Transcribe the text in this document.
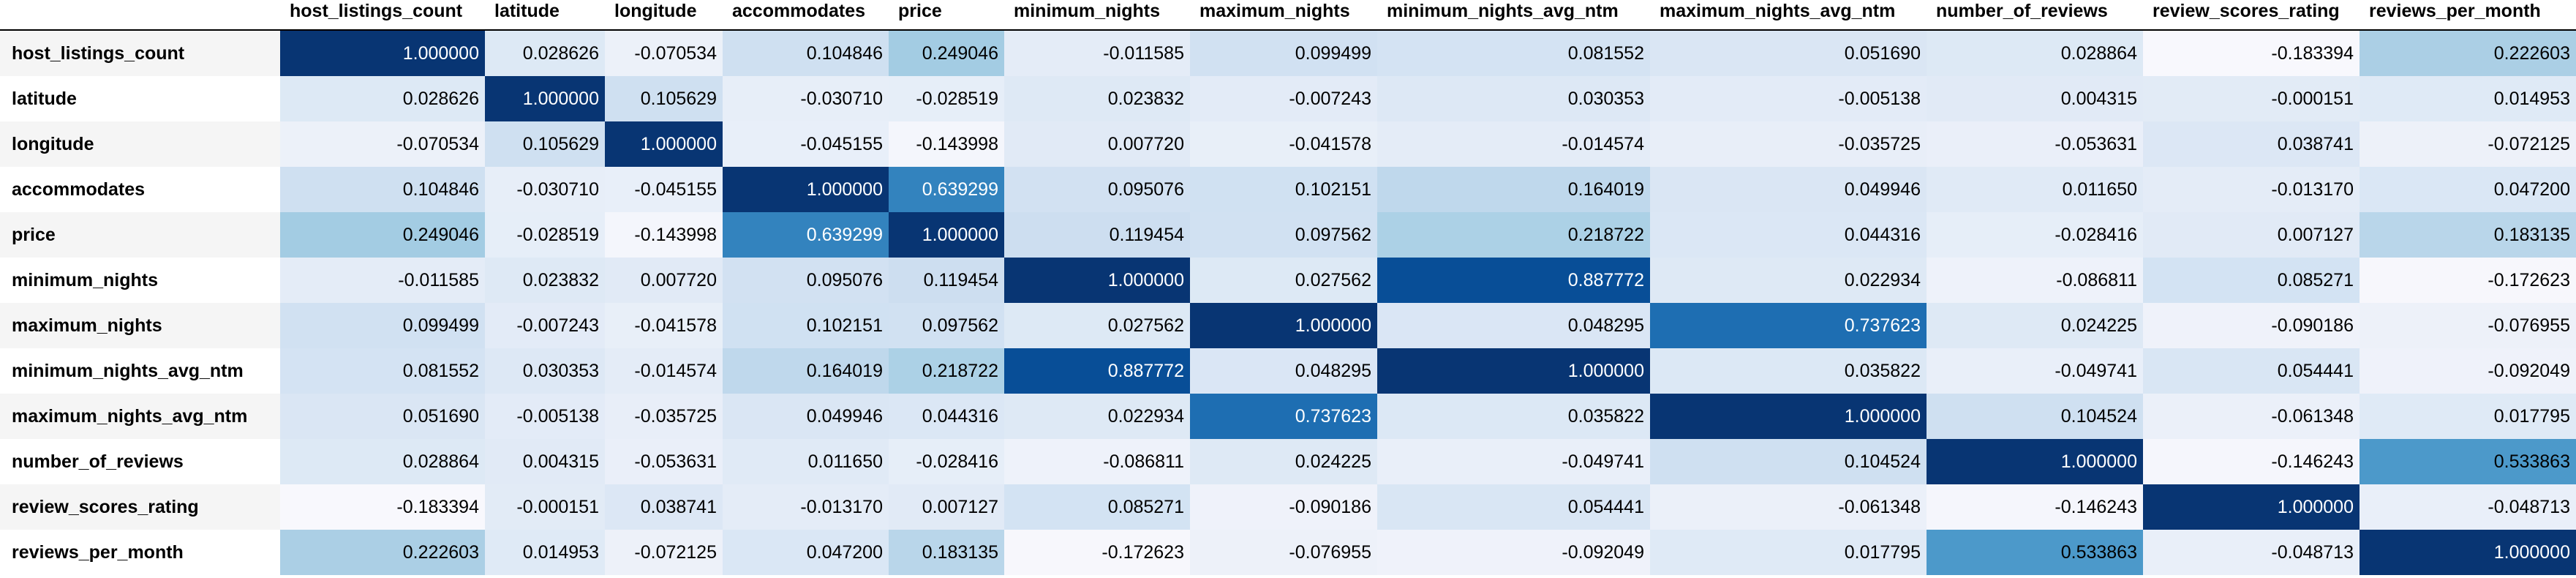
host_listings_count	latitude	longitude	accommodates	price	minimum_nights	maximum_nights	minimum_nights_avg_ntm	maximum_nights_avg_ntm	number_of_reviews	review_scores_rating	reviews_per_month
host_listings_count	1.000000	0.028626	-0.070534	0.104846	0.249046	-0.011585	0.099499	0.081552	0.051690	0.028864	-0.183394	0.222603
latitude	0.028626	1.000000	0.105629	-0.030710	-0.028519	0.023832	-0.007243	0.030353	-0.005138	0.004315	-0.000151	0.014953
longitude	-0.070534	0.105629	1.000000	-0.045155	-0.143998	0.007720	-0.041578	-0.014574	-0.035725	-0.053631	0.038741	-0.072125
accommodates	0.104846	-0.030710	-0.045155	1.000000	0.639299	0.095076	0.102151	0.164019	0.049946	0.011650	-0.013170	0.047200
price	0.249046	-0.028519	-0.143998	0.639299	1.000000	0.119454	0.097562	0.218722	0.044316	-0.028416	0.007127	0.183135
minimum_nights	-0.011585	0.023832	0.007720	0.095076	0.119454	1.000000	0.027562	0.887772	0.022934	-0.086811	0.085271	-0.172623
maximum_nights	0.099499	-0.007243	-0.041578	0.102151	0.097562	0.027562	1.000000	0.048295	0.737623	0.024225	-0.090186	-0.076955
minimum_nights_avg_ntm	0.081552	0.030353	-0.014574	0.164019	0.218722	0.887772	0.048295	1.000000	0.035822	-0.049741	0.054441	-0.092049
maximum_nights_avg_ntm	0.051690	-0.005138	-0.035725	0.049946	0.044316	0.022934	0.737623	0.035822	1.000000	0.104524	-0.061348	0.017795
number_of_reviews	0.028864	0.004315	-0.053631	0.011650	-0.028416	-0.086811	0.024225	-0.049741	0.104524	1.000000	-0.146243	0.533863
review_scores_rating	-0.183394	-0.000151	0.038741	-0.013170	0.007127	0.085271	-0.090186	0.054441	-0.061348	-0.146243	1.000000	-0.048713
reviews_per_month	0.222603	0.014953	-0.072125	0.047200	0.183135	-0.172623	-0.076955	-0.092049	0.017795	0.533863	-0.048713	1.000000
